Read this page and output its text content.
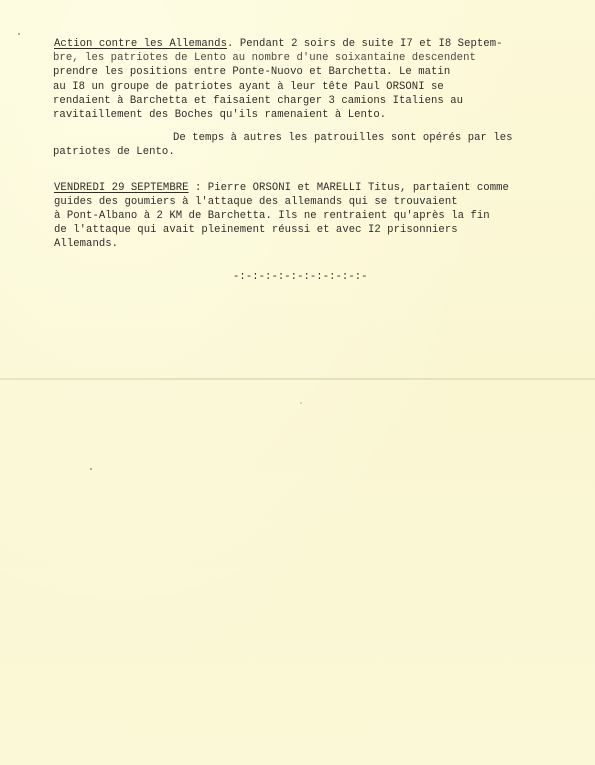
Action contre les Allemands. Pendant 2 soirs de suite I7 et I8 Septem-
bre, les patriotes de Lento au nombre d'une soixantaine descendent
prendre les positions entre Ponte-Nuovo et Barchetta. Le matin
au I8 un groupe de patriotes ayant à leur tête Paul ORSONI se
rendaient à Barchetta et faisaient charger 3 camions Italiens au
ravitaillement des Boches qu'ils ramenaient à Lento.
De temps à autres les patrouilles sont opérés par les
patriotes de Lento.
VENDREDI 29 SEPTEMBRE : Pierre ORSONI et MARELLI Titus, partaient comme
guides des goumiers à l'attaque des allemands qui se trouvaient
à Pont-Albano à 2 KM de Barchetta. Ils ne rentraient qu'après la fin
de l'attaque qui avait pleinement réussi et avec I2 prisonniers
Allemands.
-:-:-:-:-:-:-:-:-:-:-
